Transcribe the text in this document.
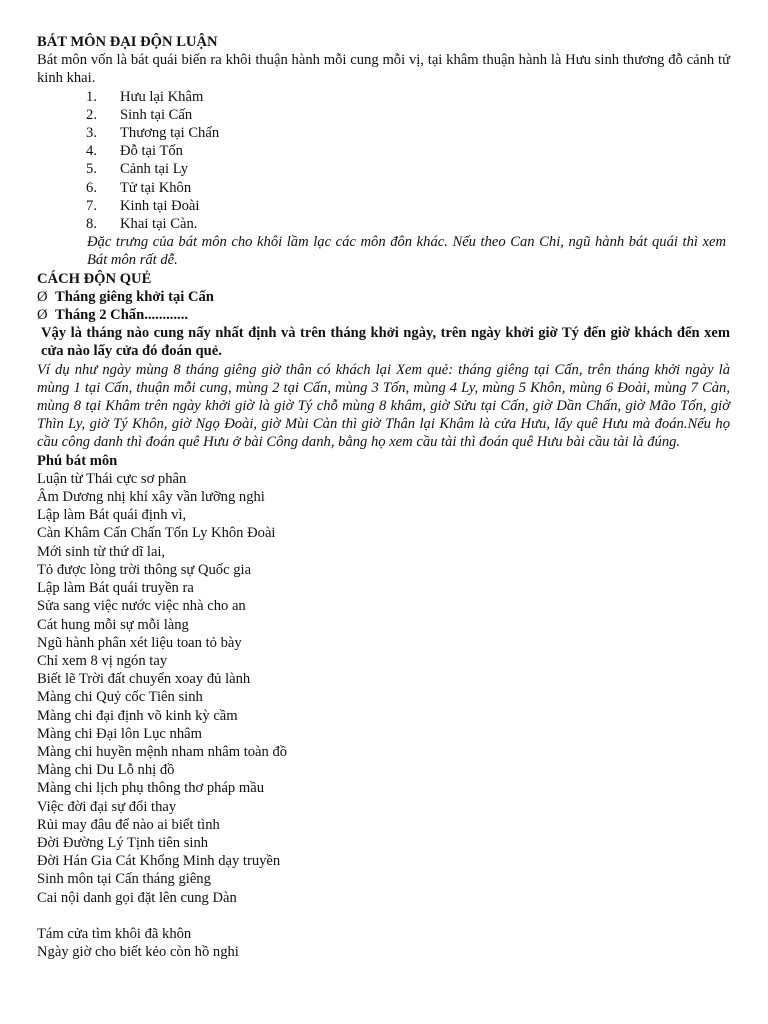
BÁT MÔN ĐẠI ĐỘN LUẬN
Bát môn vốn là bát quái biến ra khôi thuận hành mỗi cung mỗi vị, tại khâm thuận hành là Hưu sinh thương đỗ cảnh tử kinh khai.
1.	Hưu lại Khâm
2.	Sinh tại Cấn
3.	Thương tại Chấn
4.	Đỗ tại Tốn
5.	Cảnh tại Ly
6.	Tử tại Khôn
7.	Kinh tại Đoài
8.	Khai tại Càn.
Đặc trưng của bát môn cho khôi lầm lạc các môn đôn khác. Nếu theo Can Chi, ngũ hành bát quái thì xem Bát môn rất dễ.
CÁCH ĐỘN QUẺ
Ø Tháng giêng khởi tại Cấn
Ø Tháng 2 Chấn............
Vậy là tháng nào cung nấy nhất định và trên tháng khởi ngày, trên ngày khởi giờ Tý đến giờ khách đến xem cửa nào lấy cửa đó đoán quẻ.
Ví dụ như ngày mùng 8 tháng giêng giờ thân có khách lại Xem quẻ: tháng giêng tại Cấn, trên tháng khởi ngày là mùng 1 tại Cấn, thuận mỗi cung, mùng 2 tại Cấn, mùng 3 Tốn, mùng 4 Ly, mùng 5 Khôn, mùng 6 Đoài, mùng 7 Càn, mùng 8 tại Khâm trên ngày khởi giờ là giờ Tý chỗ mùng 8 khâm, giờ Sửu tại Cấn, giờ Dần Chấn, giờ Mão Tốn, giờ Thìn Ly, giờ Tý Khôn, giờ Ngọ Đoài, giờ Mùi Càn thì giờ Thân lại Khâm là cửa Hưu, lấy quê Hưu mà đoán.Nếu họ cầu công danh thì đoán quê Hưu ở bài Công danh, bằng họ xem cầu tài thì đoán quê Hưu bài cầu tài là đúng.
Phú bát môn
Luận từ Thái cực sơ phân
Âm Dương nhị khí xây vần lưỡng nghi
Lập làm Bát quái định vì,
Càn Khâm Cấn Chấn Tốn Ly Khôn Đoài
Mới sinh từ thứ dĩ lai,
Tỏ được lòng trời thông sự Quốc gia
Lập làm Bát quái truyền ra
Sửa sang việc nước việc nhà cho an
Cát hung mỗi sự mỗi làng
Ngũ hành phân xét liệu toan tỏ bày
Chỉ xem 8 vị ngón tay
Biết lẽ Trời đất chuyển xoay đủ lành
Màng chi Quỷ cốc Tiên sinh
Màng chi đại định võ kinh kỳ cầm
Màng chi Đại lôn Lục nhâm
Màng chi huyền mệnh nham nhâm toàn đồ
Màng chi Du Lỗ nhị đồ
Màng chi lịch phụ thông thơ pháp mầu
Việc đời đại sự đổi thay
Rủi may đâu để nào ai biết tình
Đời Đường Lý Tịnh tiên sinh
Đời Hán Gia Cát Khổng Minh dạy truyền
Sinh môn tại Cấn tháng giêng
Cai nội danh gọi đặt lên cung Dàn
Tám cửa tìm khôi đã khôn
Ngày giờ cho biết kẻo còn hồ nghi
